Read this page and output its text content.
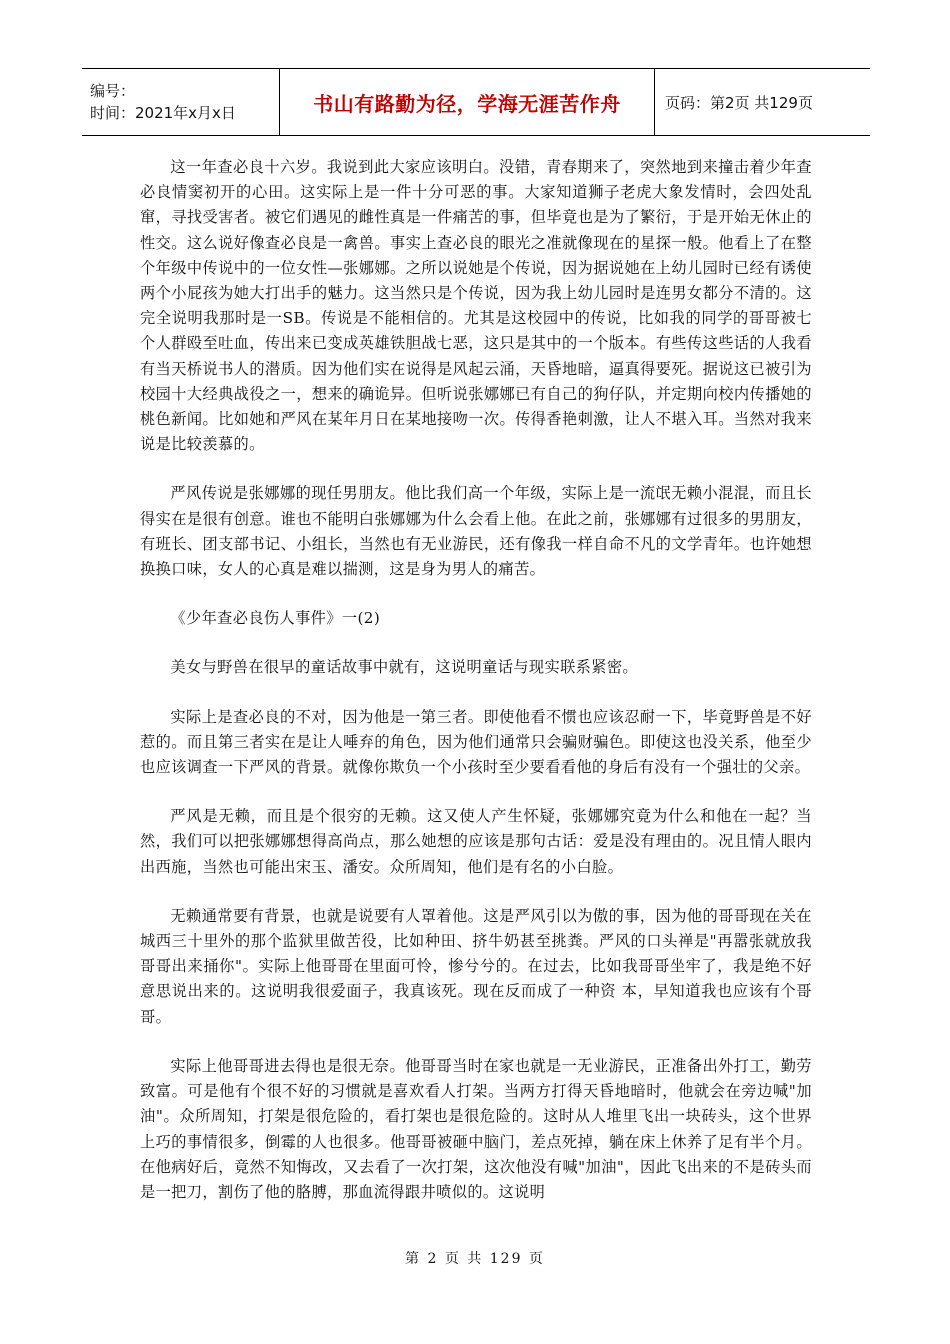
编号：
时间：2021年x月x日	书山有路勤为径，学海无涯苦作舟	页码：第2页 共129页

这一年查必良十六岁。我说到此大家应该明白。没错，青春期来了，突然地到来撞击着少年查必良情窦初开的心田。这实际上是一件十分可恶的事。大家知道狮子老虎大象发情时，会四处乱窜，寻找受害者。被它们遇见的雌性真是一件痛苦的事，但毕竟也是为了繁衍，于是开始无休止的性交。这么说好像查必良是一禽兽。事实上查必良的眼光之准就像现在的星探一般。他看上了在整个年级中传说中的一位女性—张娜娜。之所以说她是个传说，因为据说她在上幼儿园时已经有诱使两个小屁孩为她大打出手的魅力。这当然只是个传说，因为我上幼儿园时是连男女都分不清的。这完全说明我那时是一SB。传说是不能相信的。尤其是这校园中的传说，比如我的同学的哥哥被七个人群殴至吐血，传出来已变成英雄铁胆战七恶，这只是其中的一个版本。有些传这些话的人我看有当天桥说书人的潜质。因为他们实在说得是风起云涌，天昏地暗，逼真得要死。据说这已被引为校园十大经典战役之一，想来的确诡异。但听说张娜娜已有自己的狗仔队，并定期向校内传播她的桃色新闻。比如她和严风在某年月日在某地接吻一次。传得香艳刺激，让人不堪入耳。当然对我来说是比较羡慕的。

严风传说是张娜娜的现任男朋友。他比我们高一个年级，实际上是一流氓无赖小混混，而且长得实在是很有创意。谁也不能明白张娜娜为什么会看上他。在此之前，张娜娜有过很多的男朋友，有班长、团支部书记、小组长，当然也有无业游民，还有像我一样自命不凡的文学青年。也许她想换换口味，女人的心真是难以揣测，这是身为男人的痛苦。

《少年查必良伤人事件》一(2)

美女与野兽在很早的童话故事中就有，这说明童话与现实联系紧密。

实际上是查必良的不对，因为他是一第三者。即使他看不惯也应该忍耐一下，毕竟野兽是不好惹的。而且第三者实在是让人唾弃的角色，因为他们通常只会骗财骗色。即使这也没关系，他至少也应该调查一下严风的背景。就像你欺负一个小孩时至少要看看他的身后有没有一个强壮的父亲。

严风是无赖，而且是个很穷的无赖。这又使人产生怀疑，张娜娜究竟为什么和他在一起？当然，我们可以把张娜娜想得高尚点，那么她想的应该是那句古话：爱是没有理由的。况且情人眼内出西施，当然也可能出宋玉、潘安。众所周知，他们是有名的小白脸。

无赖通常要有背景，也就是说要有人罩着他。这是严风引以为傲的事，因为他的哥哥现在关在城西三十里外的那个监狱里做苦役，比如种田、挤牛奶甚至挑粪。严风的口头禅是"再嚣张就放我哥哥出来捅你"。实际上他哥哥在里面可怜，惨兮兮的。在过去，比如我哥哥坐牢了，我是绝不好意思说出来的。这说明我很爱面子，我真该死。现在反而成了一种资 本，早知道我也应该有个哥哥。

实际上他哥哥进去得也是很无奈。他哥哥当时在家也就是一无业游民，正准备出外打工，勤劳致富。可是他有个很不好的习惯就是喜欢看人打架。当两方打得天昏地暗时，他就会在旁边喊"加油"。众所周知，打架是很危险的，看打架也是很危险的。这时从人堆里飞出一块砖头，这个世界上巧的事情很多，倒霉的人也很多。他哥哥被砸中脑门，差点死掉，躺在床上休养了足有半个月。在他病好后，竟然不知悔改，又去看了一次打架，这次他没有喊"加油"，因此飞出来的不是砖头而是一把刀，割伤了他的胳膊，那血流得跟井喷似的。这说明

第 2 页 共 129 页
